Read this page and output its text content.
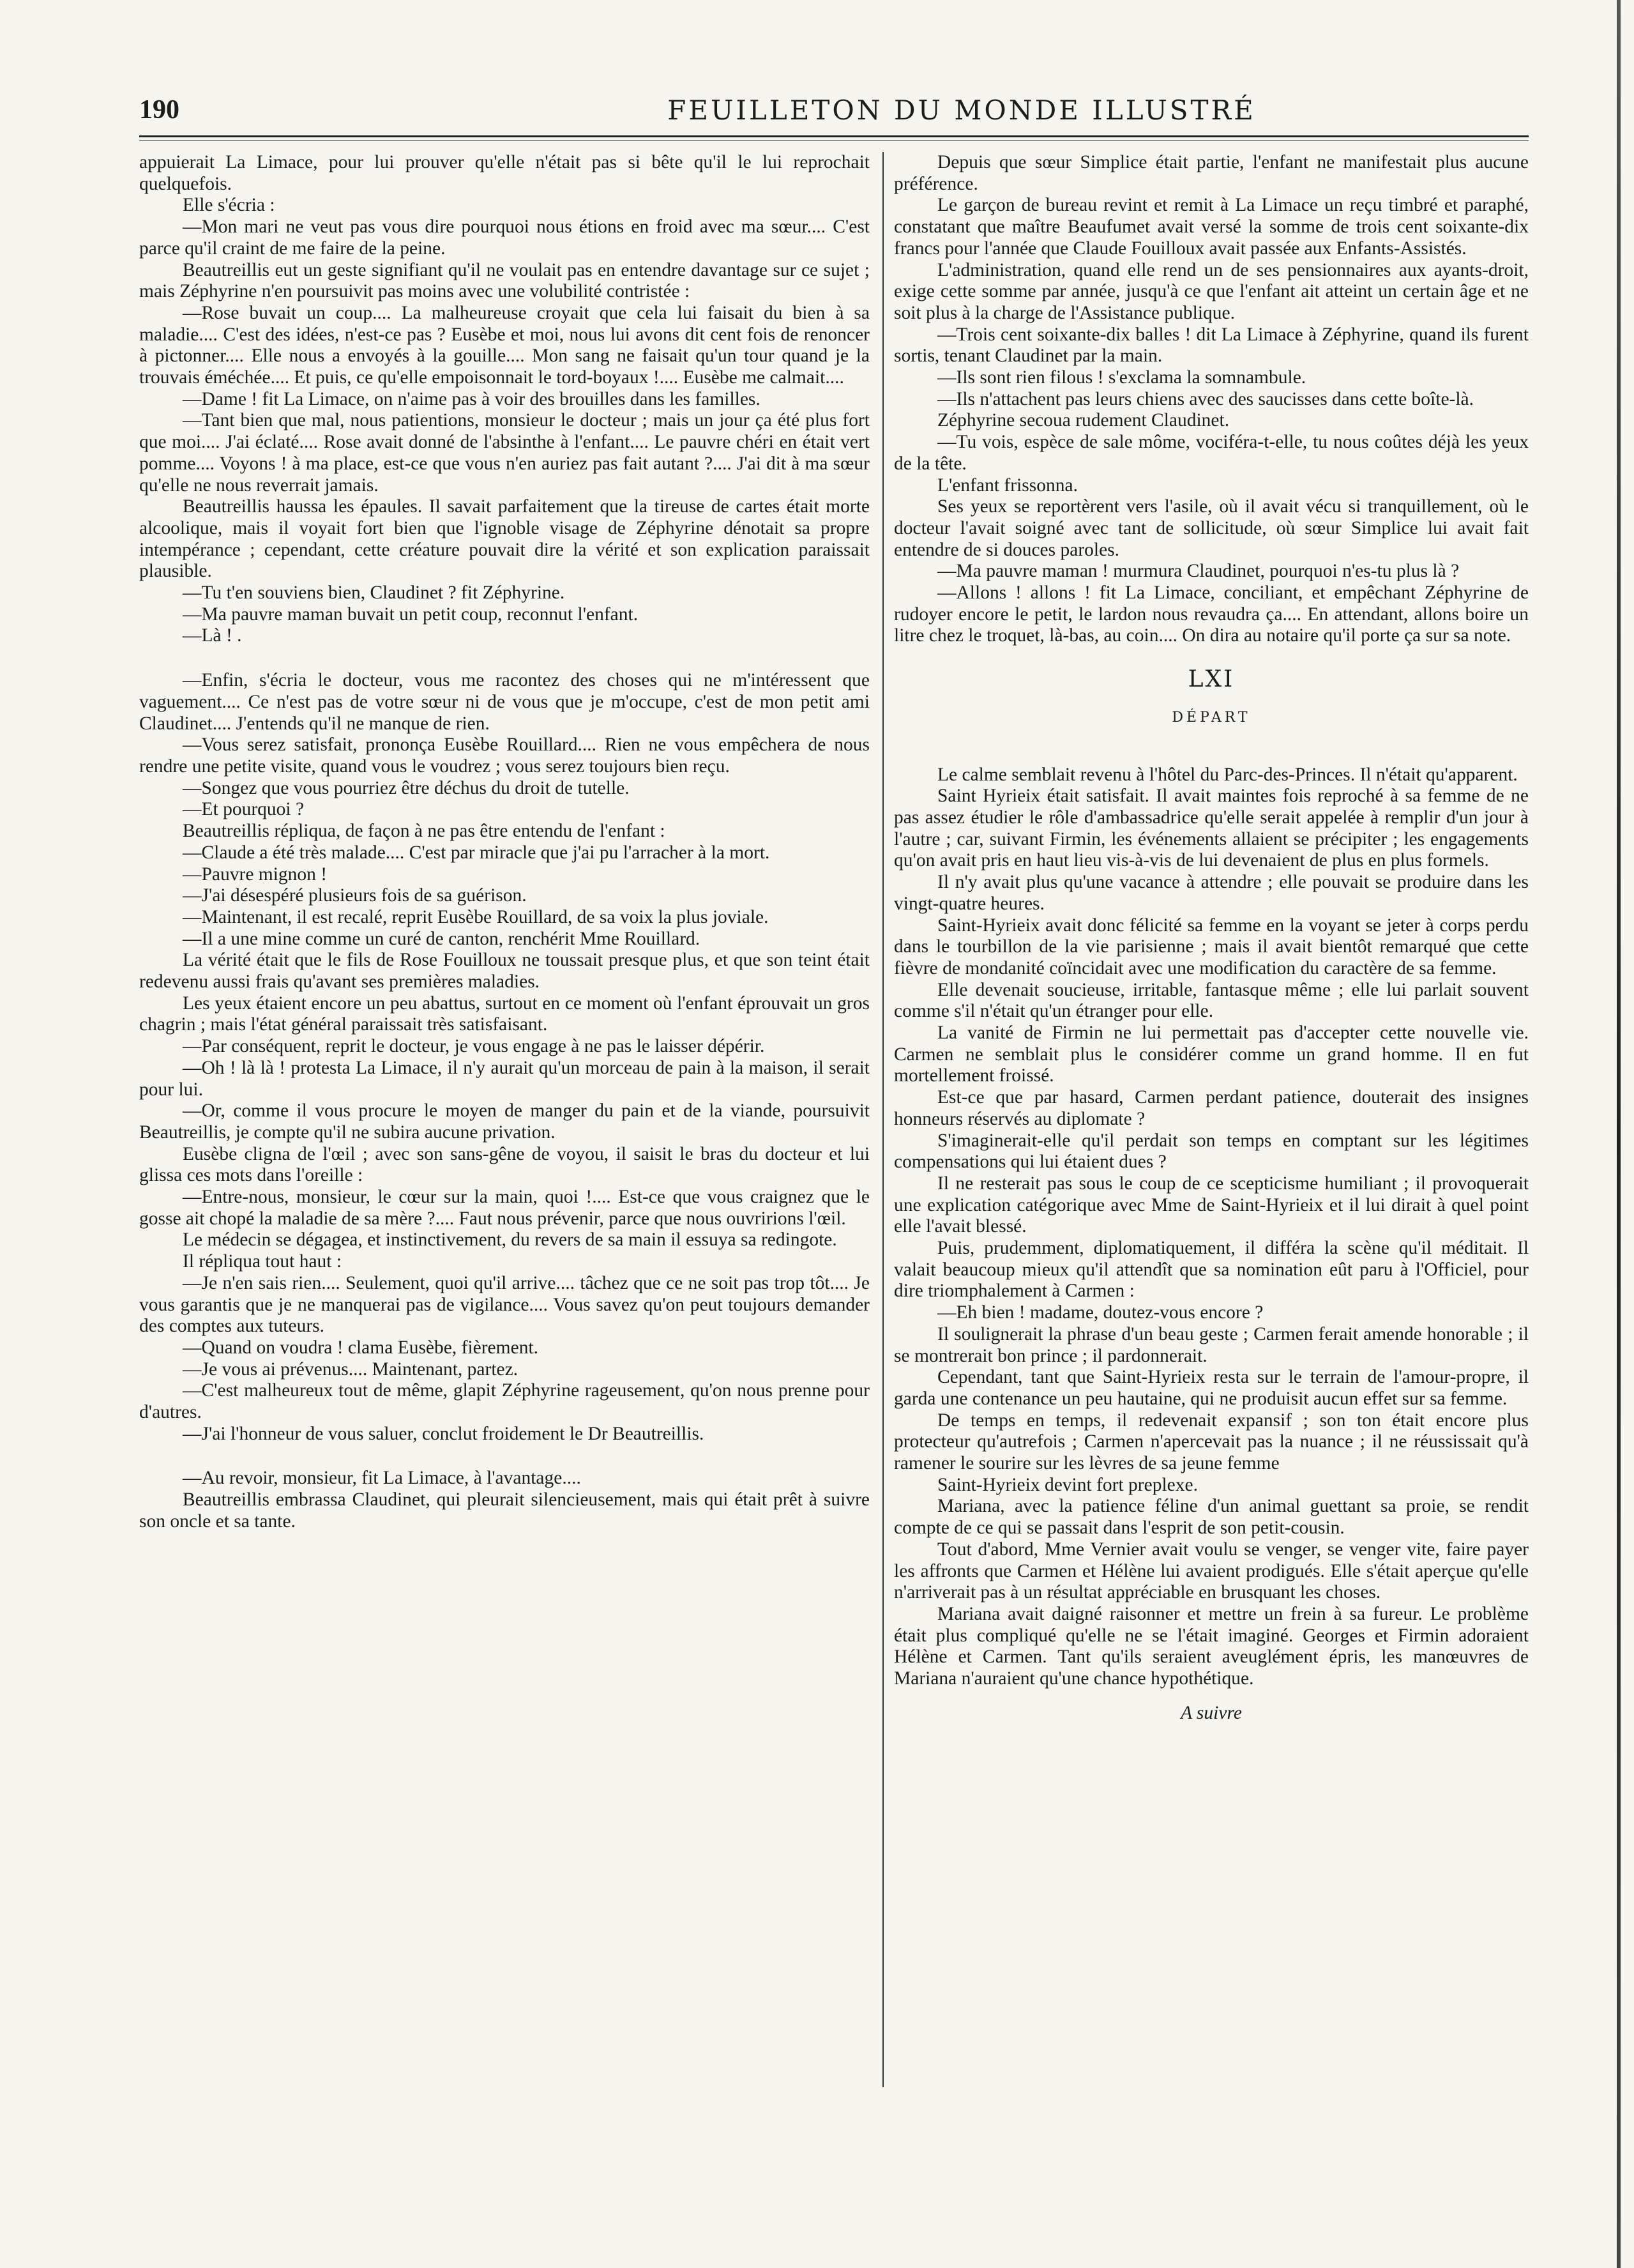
190	FEUILLETON DU MONDE ILLUSTRÉ

appuierait La Limace, pour lui prouver qu'elle n'était pas si bête qu'il le lui reprochait quelquefois.

Elle s'écria :

—Mon mari ne veut pas vous dire pourquoi nous étions en froid avec ma sœur.... C'est parce qu'il craint de me faire de la peine.

Beautreillis eut un geste signifiant qu'il ne voulait pas en entendre davantage sur ce sujet ; mais Zéphyrine n'en poursuivit pas moins avec une volubilité contristée :

—Rose buvait un coup.... La malheureuse croyait que cela lui faisait du bien à sa maladie.... C'est des idées, n'est-ce pas ? Eusèbe et moi, nous lui avons dit cent fois de renoncer à pictonner.... Elle nous a envoyés à la gouille.... Mon sang ne faisait qu'un tour quand je la trouvais éméchée.... Et puis, ce qu'elle empoisonnait le tord-boyaux !.... Eusèbe me calmait....

—Dame ! fit La Limace, on n'aime pas à voir des brouilles dans les familles.

—Tant bien que mal, nous patientions, monsieur le docteur ; mais un jour ça été plus fort que moi.... J'ai éclaté.... Rose avait donné de l'absinthe à l'enfant.... Le pauvre chéri en était vert pomme.... Voyons ! à ma place, est-ce que vous n'en auriez pas fait autant ?.... J'ai dit à ma sœur qu'elle ne nous reverrait jamais.

Beautreillis haussa les épaules. Il savait parfaitement que la tireuse de cartes était morte alcoolique, mais il voyait fort bien que l'ignoble visage de Zéphyrine dénotait sa propre intempérance ; cependant, cette créature pouvait dire la vérité et son explication paraissait plausible.

—Tu t'en souviens bien, Claudinet ? fit Zéphyrine.

—Ma pauvre maman buvait un petit coup, reconnut l'enfant.

—Là ! .

—Enfin, s'écria le docteur, vous me racontez des choses qui ne m'intéressent que vaguement.... Ce n'est pas de votre sœur ni de vous que je m'occupe, c'est de mon petit ami Claudinet.... J'entends qu'il ne manque de rien.

—Vous serez satisfait, prononça Eusèbe Rouillard.... Rien ne vous empêchera de nous rendre une petite visite, quand vous le voudrez ; vous serez toujours bien reçu.

—Songez que vous pourriez être déchus du droit de tutelle.

—Et pourquoi ?

Beautreillis répliqua, de façon à ne pas être entendu de l'enfant :

—Claude a été très malade.... C'est par miracle que j'ai pu l'arracher à la mort.

—Pauvre mignon !

—J'ai désespéré plusieurs fois de sa guérison.

—Maintenant, il est recalé, reprit Eusèbe Rouillard, de sa voix la plus joviale.

—Il a une mine comme un curé de canton, renchérit Mme Rouillard.

La vérité était que le fils de Rose Fouilloux ne toussait presque plus, et que son teint était redevenu aussi frais qu'avant ses premières maladies.

Les yeux étaient encore un peu abattus, surtout en ce moment où l'enfant éprouvait un gros chagrin ; mais l'état général paraissait très satisfaisant.

—Par conséquent, reprit le docteur, je vous engage à ne pas le laisser dépérir.

—Oh ! là là ! protesta La Limace, il n'y aurait qu'un morceau de pain à la maison, il serait pour lui.

—Or, comme il vous procure le moyen de manger du pain et de la viande, poursuivit Beautreillis, je compte qu'il ne subira aucune privation.

Eusèbe cligna de l'œil ; avec son sans-gêne de voyou, il saisit le bras du docteur et lui glissa ces mots dans l'oreille :

—Entre-nous, monsieur, le cœur sur la main, quoi !.... Est-ce que vous craignez que le gosse ait chopé la maladie de sa mère ?.... Faut nous prévenir, parce que nous ouvririons l'œil.

Le médecin se dégagea, et instinctivement, du revers de sa main il essuya sa redingote.

Il répliqua tout haut :

—Je n'en sais rien.... Seulement, quoi qu'il arrive.... tâchez que ce ne soit pas trop tôt.... Je vous garantis que je ne manquerai pas de vigilance.... Vous savez qu'on peut toujours demander des comptes aux tuteurs.

—Quand on voudra ! clama Eusèbe, fièrement.

—Je vous ai prévenus.... Maintenant, partez.

—C'est malheureux tout de même, glapit Zéphyrine rageusement, qu'on nous prenne pour d'autres.

—J'ai l'honneur de vous saluer, conclut froidement le Dr Beautreillis.

—Au revoir, monsieur, fit La Limace, à l'avantage....

Beautreillis embrassa Claudinet, qui pleurait silencieusement, mais qui était prêt à suivre son oncle et sa tante.

Depuis que sœur Simplice était partie, l'enfant ne manifestait plus aucune préférence.

Le garçon de bureau revint et remit à La Limace un reçu timbré et paraphé, constatant que maître Beaufumet avait versé la somme de trois cent soixante-dix francs pour l'année que Claude Fouilloux avait passée aux Enfants-Assistés.

L'administration, quand elle rend un de ses pensionnaires aux ayants-droit, exige cette somme par année, jusqu'à ce que l'enfant ait atteint un certain âge et ne soit plus à la charge de l'Assistance publique.

—Trois cent soixante-dix balles ! dit La Limace à Zéphyrine, quand ils furent sortis, tenant Claudinet par la main.

—Ils sont rien filous ! s'exclama la somnambule.

—Ils n'attachent pas leurs chiens avec des saucisses dans cette boîte-là.

Zéphyrine secoua rudement Claudinet.

—Tu vois, espèce de sale môme, vociféra-t-elle, tu nous coûtes déjà les yeux de la tête.

L'enfant frissonna.

Ses yeux se reportèrent vers l'asile, où il avait vécu si tranquillement, où le docteur l'avait soigné avec tant de sollicitude, où sœur Simplice lui avait fait entendre de si douces paroles.

—Ma pauvre maman ! murmura Claudinet, pourquoi n'es-tu plus là ?

—Allons ! allons ! fit La Limace, conciliant, et empêchant Zéphyrine de rudoyer encore le petit, le lardon nous revaudra ça.... En attendant, allons boire un litre chez le troquet, là-bas, au coin.... On dira au notaire qu'il porte ça sur sa note.

LXI
DÉPART

Le calme semblait revenu à l'hôtel du Parc-des-Princes. Il n'était qu'apparent.

Saint Hyrieix était satisfait. Il avait maintes fois reproché à sa femme de ne pas assez étudier le rôle d'ambassadrice qu'elle serait appelée à remplir d'un jour à l'autre ; car, suivant Firmin, les événements allaient se précipiter ; les engagements qu'on avait pris en haut lieu vis-à-vis de lui devenaient de plus en plus formels.

Il n'y avait plus qu'une vacance à attendre ; elle pouvait se produire dans les vingt-quatre heures.

Saint-Hyrieix avait donc félicité sa femme en la voyant se jeter à corps perdu dans le tourbillon de la vie parisienne ; mais il avait bientôt remarqué que cette fièvre de mondanité coïncidait avec une modification du caractère de sa femme.

Elle devenait soucieuse, irritable, fantasque même ; elle lui parlait souvent comme s'il n'était qu'un étranger pour elle.

La vanité de Firmin ne lui permettait pas d'accepter cette nouvelle vie. Carmen ne semblait plus le considérer comme un grand homme. Il en fut mortellement froissé.

Est-ce que par hasard, Carmen perdant patience, douterait des insignes honneurs réservés au diplomate ?

S'imaginerait-elle qu'il perdait son temps en comptant sur les légitimes compensations qui lui étaient dues ?

Il ne resterait pas sous le coup de ce scepticisme humiliant ; il provoquerait une explication catégorique avec Mme de Saint-Hyrieix et il lui dirait à quel point elle l'avait blessé.

Puis, prudemment, diplomatiquement, il différa la scène qu'il méditait. Il valait beaucoup mieux qu'il attendît que sa nomination eût paru à l'Officiel, pour dire triomphalement à Carmen :

—Eh bien ! madame, doutez-vous encore ?

Il soulignerait la phrase d'un beau geste ; Carmen ferait amende honorable ; il se montrerait bon prince ; il pardonnerait.

Cependant, tant que Saint-Hyrieix resta sur le terrain de l'amour-propre, il garda une contenance un peu hautaine, qui ne produisit aucun effet sur sa femme.

De temps en temps, il redevenait expansif ; son ton était encore plus protecteur qu'autrefois ; Carmen n'apercevait pas la nuance ; il ne réussissait qu'à ramener le sourire sur les lèvres de sa jeune femme

Saint-Hyrieix devint fort preplexe.

Mariana, avec la patience féline d'un animal guettant sa proie, se rendit compte de ce qui se passait dans l'esprit de son petit-cousin.

Tout d'abord, Mme Vernier avait voulu se venger, se venger vite, faire payer les affronts que Carmen et Hélène lui avaient prodigués. Elle s'était aperçue qu'elle n'arriverait pas à un résultat appréciable en brusquant les choses.

Mariana avait daigné raisonner et mettre un frein à sa fureur. Le problème était plus compliqué qu'elle ne se l'était imaginé. Georges et Firmin adoraient Hélène et Carmen. Tant qu'ils seraient aveuglément épris, les manœuvres de Mariana n'auraient qu'une chance hypothétique.

A suivre
